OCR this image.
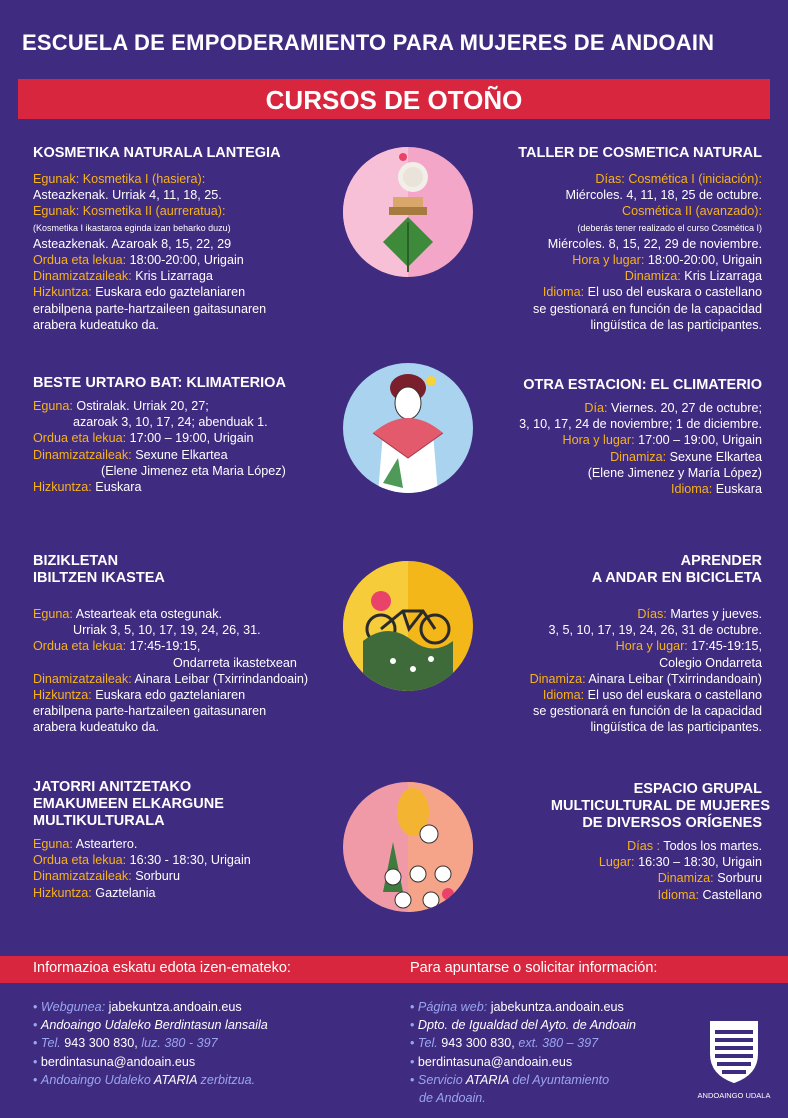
ESCUELA DE EMPODERAMIENTO PARA MUJERES DE ANDOAIN
CURSOS DE OTOÑO
KOSMETIKA NATURALA LANTEGIA
Egunak: Kosmetika I (hasiera):
Asteazkenak. Urriak 4, 11, 18, 25.
Egunak: Kosmetika II (aurreratua):
(Kosmetika I ikastaroa eginda izan beharko duzu)
Asteazkenak. Azaroak 8, 15, 22, 29
Ordua eta lekua: 18:00-20:00, Urigain
Dinamizatzaileak: Kris Lizarraga
Hizkuntza: Euskara edo gaztelaniaren
erabilpena parte-hartzaileen gaitasunaren
arabera kudeatuko da.
TALLER DE COSMETICA NATURAL
Días: Cosmética I (iniciación):
Miércoles. 4, 11, 18, 25 de octubre.
Cosmética II (avanzado):
(deberás tener realizado el curso Cosmética I)
Miércoles. 8, 15, 22, 29 de noviembre.
Hora y lugar: 18:00-20:00, Urigain
Dinamiza: Kris Lizarraga
Idioma: El uso del euskara o castellano
se gestionará en función de la capacidad
lingüística de las participantes.
BESTE URTARO BAT: KLIMATERIOA
Eguna: Ostiralak. Urriak 20, 27;
azaroak 3, 10, 17, 24; abenduak 1.
Ordua eta lekua: 17:00 – 19:00, Urigain
Dinamizatzaileak: Sexune Elkartea
(Elene Jimenez eta Maria López)
Hizkuntza: Euskara
OTRA ESTACION: EL CLIMATERIO
Día: Viernes. 20, 27 de octubre;
3, 10, 17, 24 de noviembre; 1 de diciembre.
Hora y lugar: 17:00 – 19:00, Urigain
Dinamiza: Sexune Elkartea
(Elene Jimenez y María López)
Idioma: Euskara
BIZIKLETAN
IBILTZEN IKASTEA
Eguna: Astearteak eta ostegunak.
Urriak 3, 5, 10, 17, 19, 24, 26, 31.
Ordua eta lekua: 17:45-19:15,
Ondarreta ikastetxean
Dinamizatzaileak: Ainara Leibar (Txirrindandoain)
Hizkuntza: Euskara edo gaztelaniaren
erabilpena parte-hartzaileen gaitasunaren
arabera kudeatuko da.
APRENDER
A ANDAR EN BICICLETA
Días: Martes y jueves.
3, 5, 10, 17, 19, 24, 26, 31 de octubre.
Hora y lugar: 17:45-19:15,
Colegio Ondarreta
Dinamiza: Ainara Leibar (Txirrindandoain)
Idioma: El uso del euskara o castellano
se gestionará en función de la capacidad
lingüística de las participantes.
JATORRI ANITZETAKO
EMAKUMEEN ELKARGUNE
MULTIKULTURALA
Eguna: Asteartero.
Ordua eta lekua: 16:30 - 18:30, Urigain
Dinamizatzaileak: Sorburu
Hizkuntza: Gaztelania
ESPACIO GRUPAL
MULTICULTURAL DE MUJERES
DE DIVERSOS ORÍGENES
Días : Todos los martes.
Lugar: 16:30 – 18:30, Urigain
Dinamiza: Sorburu
Idioma: Castellano
Informazioa eskatu edota izen-emateko:	Para apuntarse o solicitar información:
• Webgunea: jabekuntza.andoain.eus
• Andoaingo Udaleko Berdintasun lansaila
• Tel. 943 300 830, luz. 380 - 397
• berdintasuna@andoain.eus
• Andoaingo Udaleko ATARIA zerbitzua.
• Página web: jabekuntza.andoain.eus
• Dpto. de Igualdad del Ayto. de Andoain
• Tel. 943 300 830, ext. 380 – 397
• berdintasuna@andoain.eus
• Servicio ATARIA del Ayuntamiento
de Andoain.	ANDOAINGO UDALA
